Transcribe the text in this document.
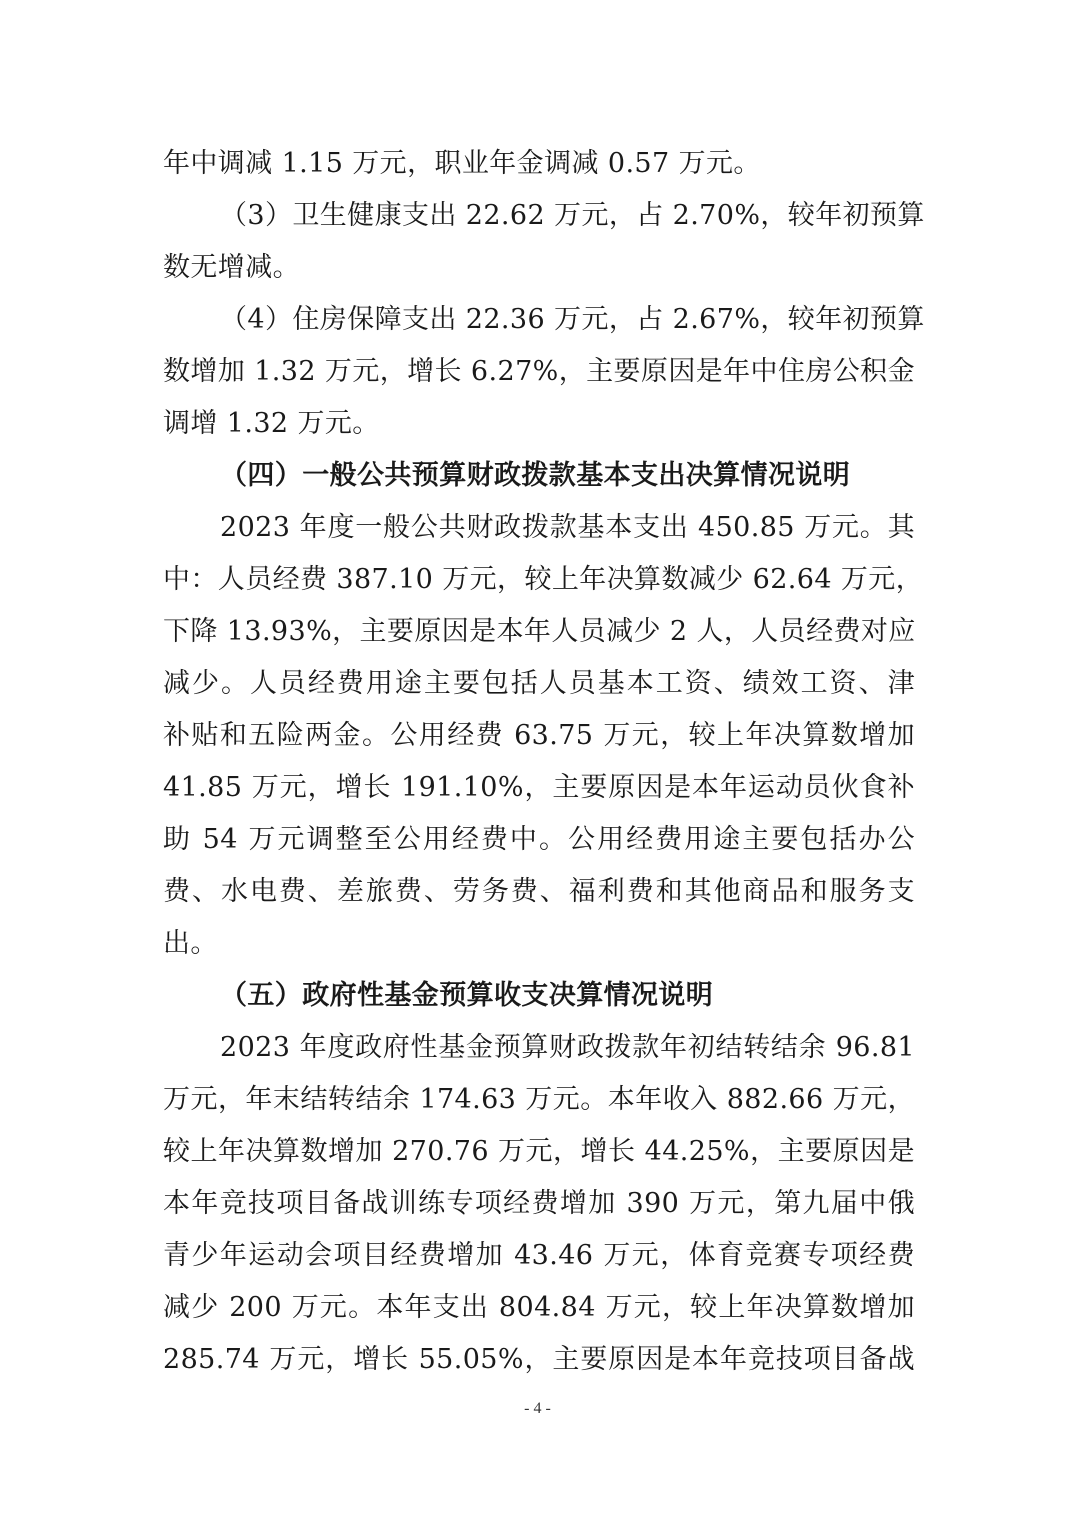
年中调减 1.15 万元，职业年金调减 0.57 万元。
（3）卫生健康支出 22.62 万元，占 2.70%，较年初预算
数无增减。
（4）住房保障支出 22.36 万元，占 2.67%，较年初预算
数增加 1.32 万元，增长 6.27%，主要原因是年中住房公积金
调增 1.32 万元。
（四）一般公共预算财政拨款基本支出决算情况说明
2023 年度一般公共财政拨款基本支出 450.85 万元。其
中：人员经费 387.10 万元，较上年决算数减少 62.64 万元，
下降 13.93%，主要原因是本年人员减少 2 人，人员经费对应
减少。人员经费用途主要包括人员基本工资、绩效工资、津
补贴和五险两金。公用经费 63.75 万元，较上年决算数增加
41.85 万元，增长 191.10%，主要原因是本年运动员伙食补
助 54 万元调整至公用经费中。公用经费用途主要包括办公
费、水电费、差旅费、劳务费、福利费和其他商品和服务支
出。
（五）政府性基金预算收支决算情况说明
2023 年度政府性基金预算财政拨款年初结转结余 96.81
万元，年末结转结余 174.63 万元。本年收入 882.66 万元，
较上年决算数增加 270.76 万元，增长 44.25%，主要原因是
本年竞技项目备战训练专项经费增加 390 万元，第九届中俄
青少年运动会项目经费增加 43.46 万元，体育竞赛专项经费
减少 200 万元。本年支出 804.84 万元，较上年决算数增加
285.74 万元，增长 55.05%，主要原因是本年竞技项目备战
- 4 -
